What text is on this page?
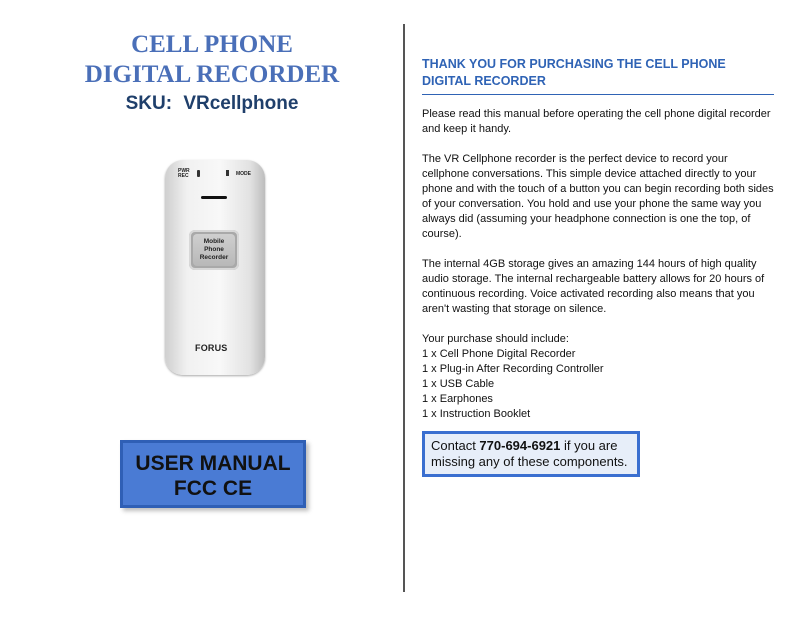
CELL PHONE
DIGITAL RECORDER
SKU: VRcellphone
PWR
REC	MODE
Mobile
Phone
Recorder
FORUS
USER MANUAL
FCC CE
THANK YOU FOR PURCHASING THE CELL PHONE DIGITAL RECORDER

Please read this manual before operating the cell phone digital recorder and keep it handy.

The VR Cellphone recorder is the perfect device to record your cellphone conversations. This simple device attached directly to your phone and with the touch of a button you can begin recording both sides of your conversation. You hold and use your phone the same way you always did (assuming your headphone connection is one the top, of course).

The internal 4GB storage gives an amazing 144 hours of high quality audio storage. The internal rechargeable battery allows for 20 hours of continuous recording. Voice activated recording also means that you aren't wasting that storage on silence.

Your purchase should include:
1 x Cell Phone Digital Recorder
1 x Plug-in After Recording Controller
1 x USB Cable
1 x Earphones
1 x Instruction Booklet
Contact 770-694-6921 if you are missing any of these components.
